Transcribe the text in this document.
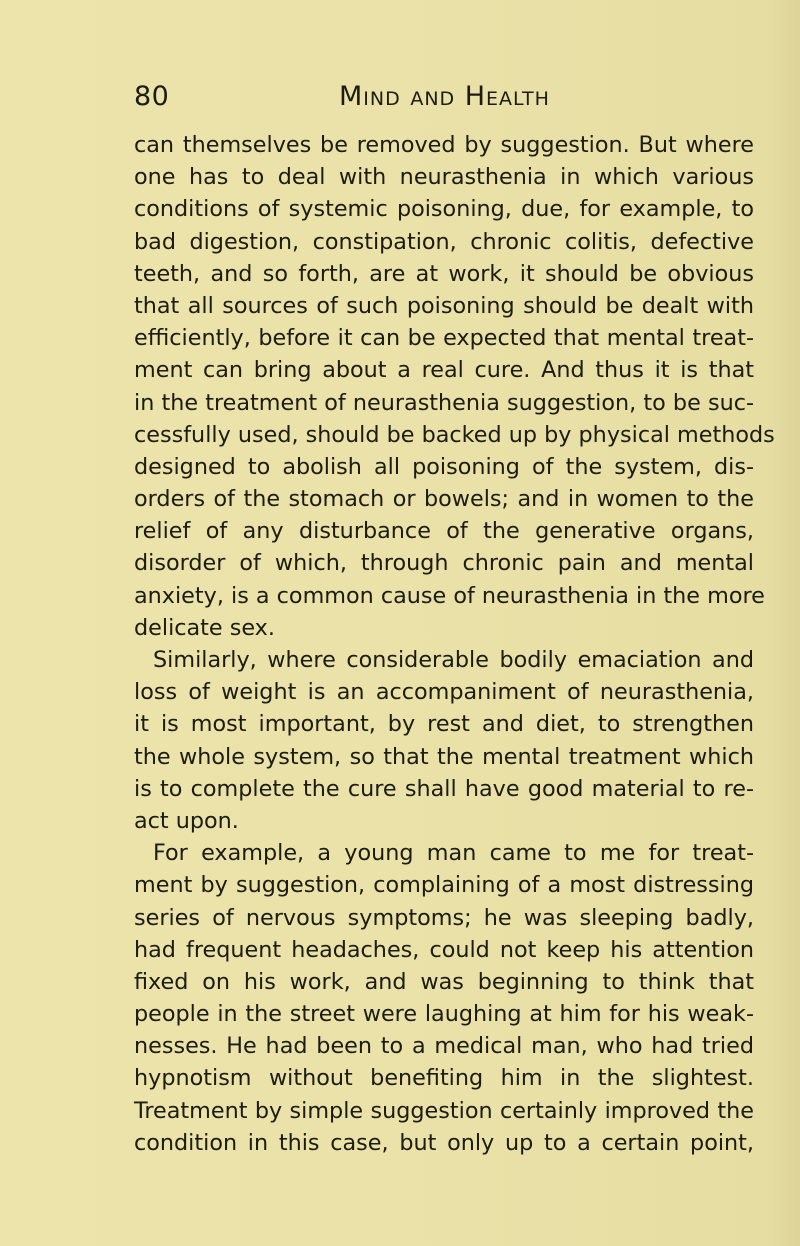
80	Mind and Health
can themselves be removed by suggestion. But where
one has to deal with neurasthenia in which various
conditions of systemic poisoning, due, for example, to
bad digestion, constipation, chronic colitis, defective
teeth, and so forth, are at work, it should be obvious
that all sources of such poisoning should be dealt with
efficiently, before it can be expected that mental treat-
ment can bring about a real cure. And thus it is that
in the treatment of neurasthenia suggestion, to be suc-
cessfully used, should be backed up by physical methods
designed to abolish all poisoning of the system, dis-
orders of the stomach or bowels; and in women to the
relief of any disturbance of the generative organs,
disorder of which, through chronic pain and mental
anxiety, is a common cause of neurasthenia in the more
delicate sex.
Similarly, where considerable bodily emaciation and
loss of weight is an accompaniment of neurasthenia,
it is most important, by rest and diet, to strengthen
the whole system, so that the mental treatment which
is to complete the cure shall have good material to re-
act upon.
For example, a young man came to me for treat-
ment by suggestion, complaining of a most distressing
series of nervous symptoms; he was sleeping badly,
had frequent headaches, could not keep his attention
fixed on his work, and was beginning to think that
people in the street were laughing at him for his weak-
nesses. He had been to a medical man, who had tried
hypnotism without benefiting him in the slightest.
Treatment by simple suggestion certainly improved the
condition in this case, but only up to a certain point,
